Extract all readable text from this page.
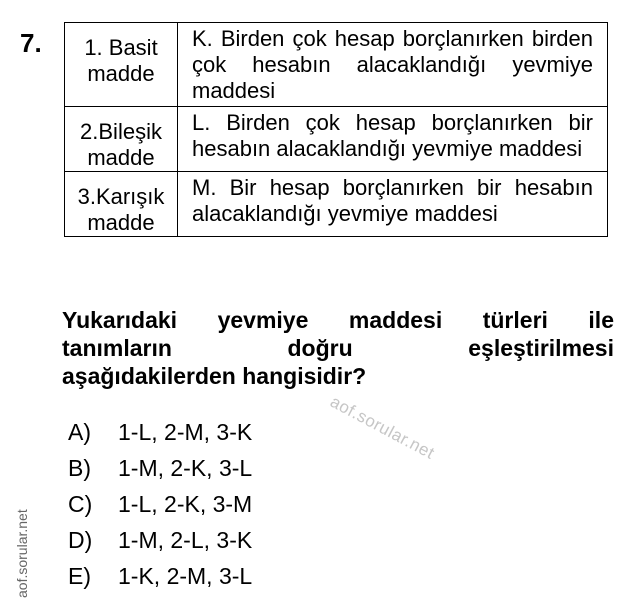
7. 1. Basit
madde	K. Birden çok hesap borçlanırken birden çok hesabın alacaklandığı yevmiye maddesi
2.Bileşik
madde	L. Birden çok hesap borçlanırken bir hesabın alacaklandığı yevmiye maddesi
3.Karışık
madde	M. Bir hesap borçlanırken bir hesabın alacaklandığı yevmiye maddesi
Yukarıdaki yevmiye maddesi türleri ile
tanımların doğru eşleştirilmesi
aşağıdakilerden hangisidir?
A)	1-L, 2-M, 3-K
B)	1-M, 2-K, 3-L
C)	1-L, 2-K, 3-M
D)	1-M, 2-L, 3-K
E)	1-K, 2-M, 3-L
aof.sorular.net
aof.sorular.net
